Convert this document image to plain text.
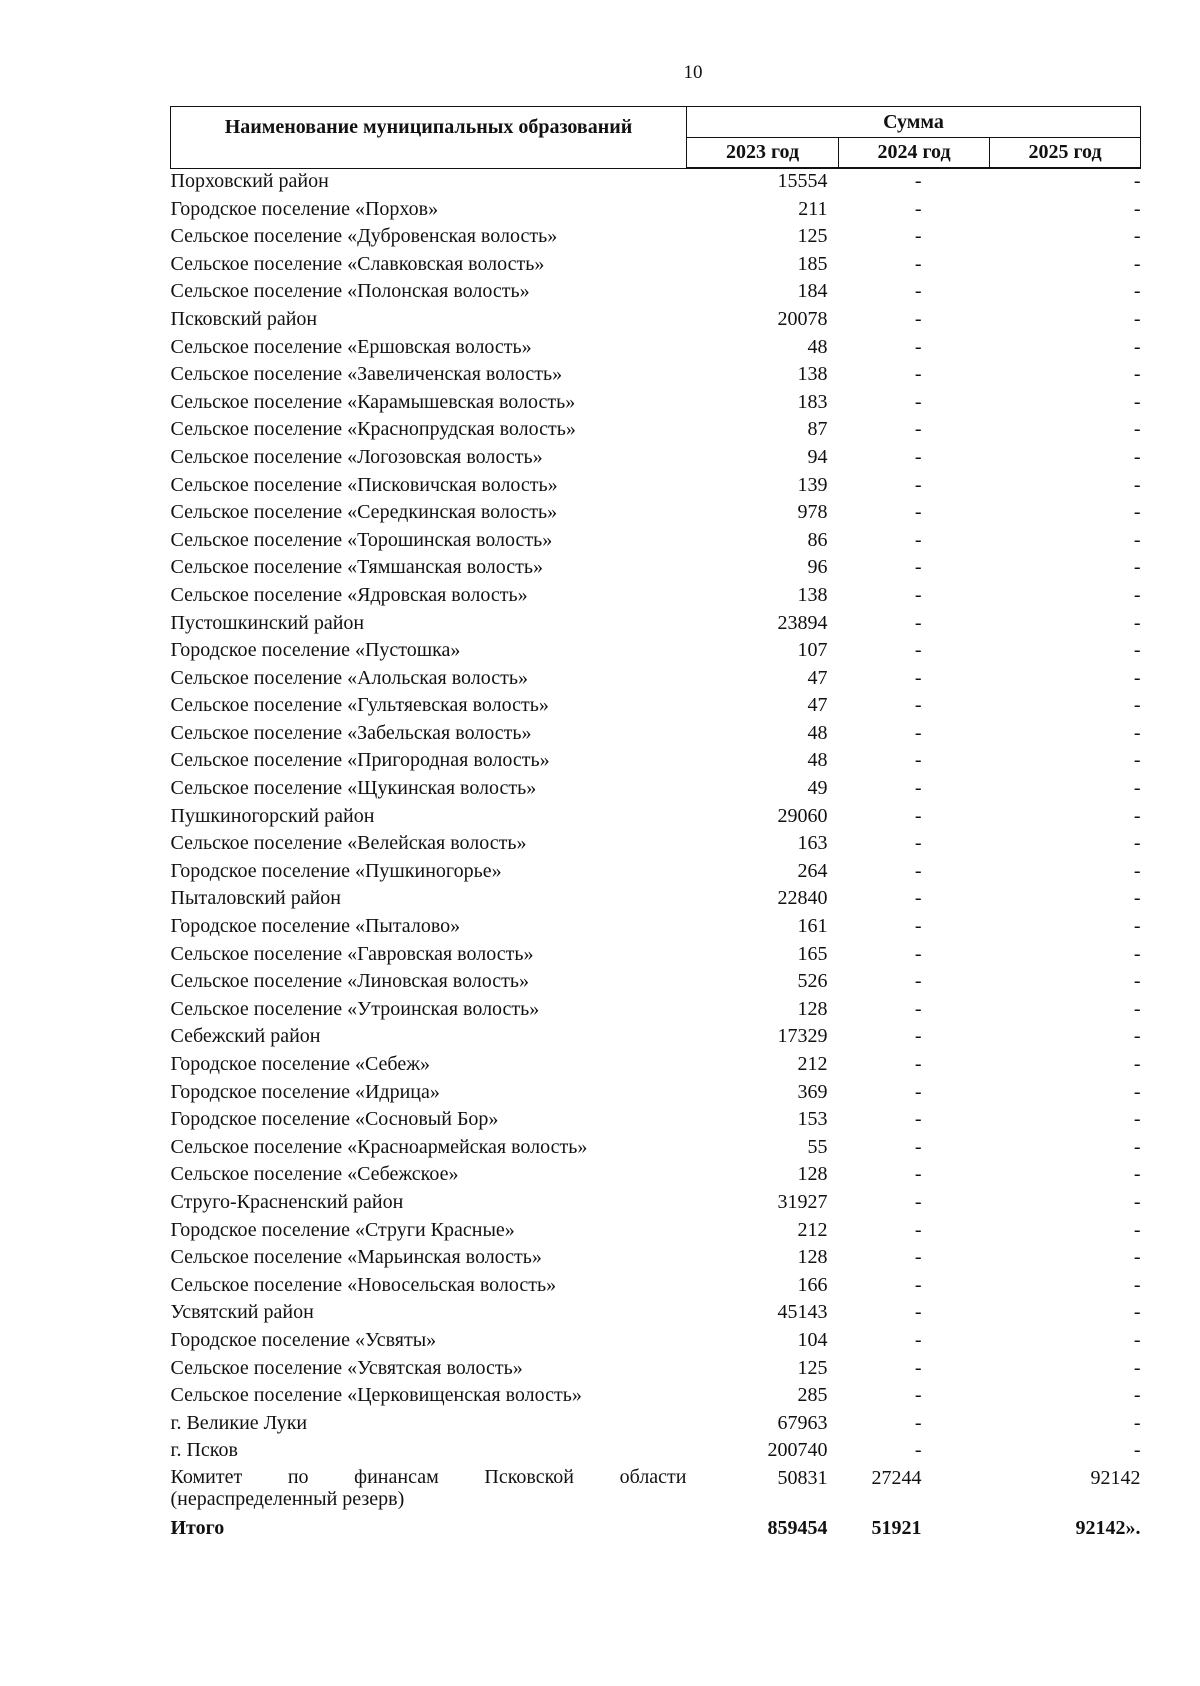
10
Наименование муниципальных образований	Сумма		
	2023 год	2024 год	2025 год
Порховский район	15554	-	-
Городское поселение «Порхов»	211	-	-
Сельское поселение «Дубровенская волость»	125	-	-
Сельское поселение «Славковская волость»	185	-	-
Сельское поселение «Полонская волость»	184	-	-
Псковский район	20078	-	-
Сельское поселение «Ершовская волость»	48	-	-
Сельское поселение «Завеличенская волость»	138	-	-
Сельское поселение «Карамышевская волость»	183	-	-
Сельское поселение «Краснопрудская волость»	87	-	-
Сельское поселение «Логозовская волость»	94	-	-
Сельское поселение «Писковичская волость»	139	-	-
Сельское поселение «Середкинская волость»	978	-	-
Сельское поселение «Торошинская волость»	86	-	-
Сельское поселение «Тямшанская волость»	96	-	-
Сельское поселение «Ядровская волость»	138	-	-
Пустошкинский район	23894	-	-
Городское поселение «Пустошка»	107	-	-
Сельское поселение «Алольская волость»	47	-	-
Сельское поселение «Гультяевская волость»	47	-	-
Сельское поселение «Забельская волость»	48	-	-
Сельское поселение «Пригородная волость»	48	-	-
Сельское поселение «Щукинская волость»	49	-	-
Пушкиногорский район	29060	-	-
Сельское поселение «Велейская волость»	163	-	-
Городское поселение «Пушкиногорье»	264	-	-
Пыталовский район	22840	-	-
Городское поселение «Пыталово»	161	-	-
Сельское поселение «Гавровская волость»	165	-	-
Сельское поселение «Линовская волость»	526	-	-
Сельское поселение «Утроинская волость»	128	-	-
Себежский район	17329	-	-
Городское поселение «Себеж»	212	-	-
Городское поселение «Идрица»	369	-	-
Городское поселение «Сосновый Бор»	153	-	-
Сельское поселение «Красноармейская волость»	55	-	-
Сельское поселение «Себежское»	128	-	-
Струго-Красненский район	31927	-	-
Городское поселение «Струги Красные»	212	-	-
Сельское поселение «Марьинская волость»	128	-	-
Сельское поселение «Новосельская волость»	166	-	-
Усвятский район	45143	-	-
Городское поселение «Усвяты»	104	-	-
Сельское поселение «Усвятская волость»	125	-	-
Сельское поселение «Церковищенская волость»	285	-	-
г. Великие Луки	67963	-	-
г. Псков	200740	-	-

Комитет по финансам Псковской области
(нераспределенный резерв)	50831	27244	92142
Итого	859454	51921	92142».
